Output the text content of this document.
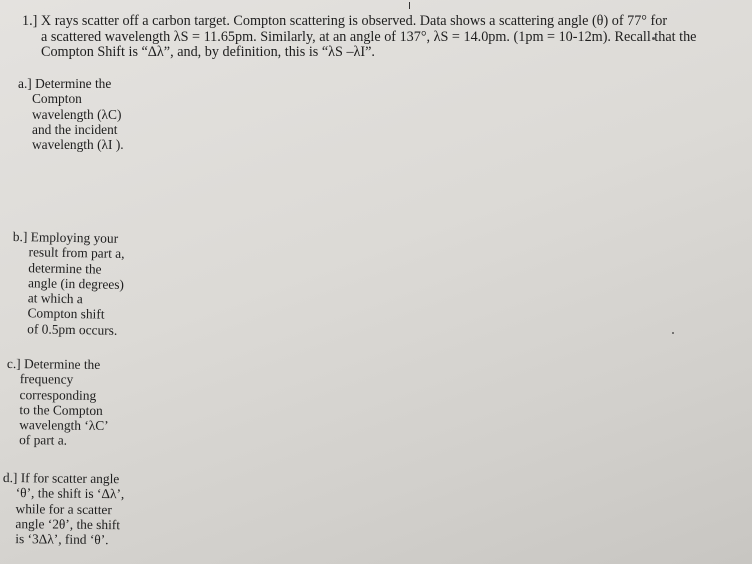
1.] X rays scatter off a carbon target. Compton scattering is observed. Data shows a scattering angle (θ) of 77° for

a scattered wavelength λS = 11.65pm. Similarly, at an angle of 137°, λS = 14.0pm. (1pm = 10-12m). Recall that the

Compton Shift is “Δλ”, and, by definition, this is “λS –λI”.

a.] Determine the

Compton

wavelength (λC)

and the incident

wavelength (λI ).

b.] Employing your

result from part a,

determine the

angle (in degrees)

at which a

Compton shift

of 0.5pm occurs.

c.] Determine the

frequency

corresponding

to the Compton

wavelength ‘λC’

of part a.

d.] If for scatter angle

‘θ’, the shift is ‘Δλ’,

while for a scatter

angle ‘2θ’, the shift

is ‘3Δλ’, find ‘θ’.
